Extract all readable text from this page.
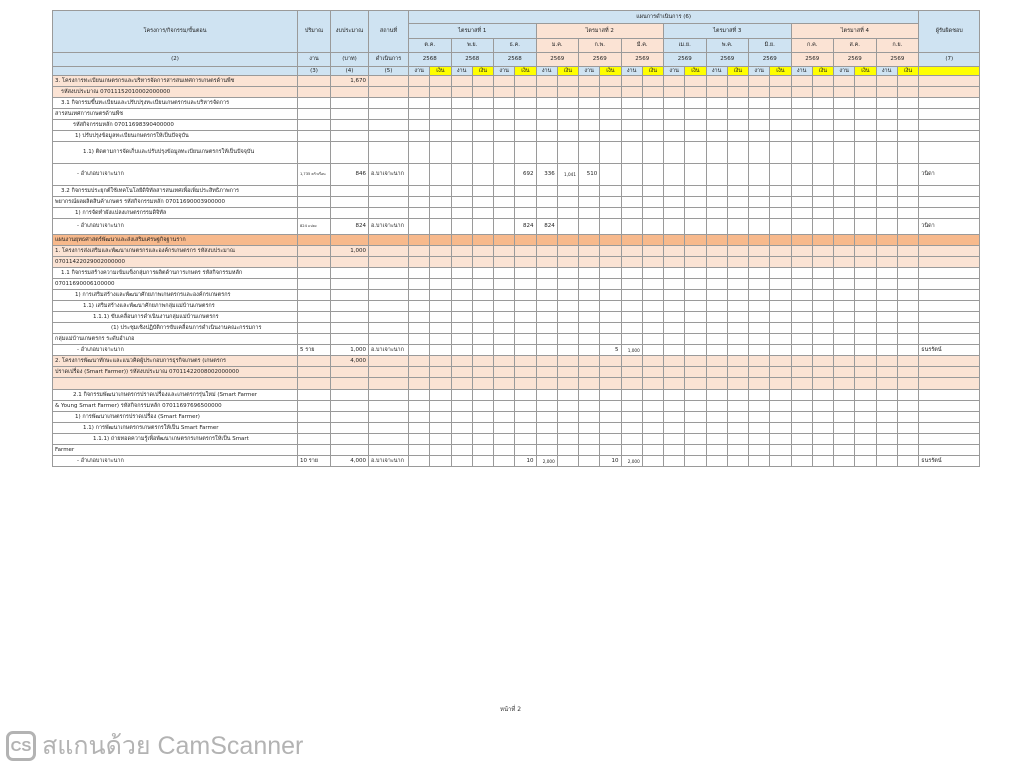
โครงการ/กิจกรรม/ขั้นตอน	ปริมาณ	งบประมาณ	สถานที่	แผนการดำเนินการ (6)																								ผู้รับผิดชอบ
				ไตรมาสที่ 1						ไตรมาสที่ 2						ไตรมาสที่ 3						ไตรมาสที่ 4						
				ต.ค.		พ.ย.		ธ.ค.		ม.ค.		ก.พ.		มี.ค.		เม.ย.		พ.ค.		มิ.ย.		ก.ค.		ส.ค.		ก.ย.		
(2)	งาน	(บาท)	ดำเนินการ	2568		2568		2568		2569		2569		2569		2569		2569		2569		2569		2569		2569		(7)
	(3)	(4)	(5)	งาน	เงิน	งาน	เงิน	งาน	เงิน	งาน	เงิน	งาน	เงิน	งาน	เงิน	งาน	เงิน	งาน	เงิน	งาน	เงิน	งาน	เงิน	งาน	เงิน	งาน	เงิน	
3. โครงการทะเบียนเกษตรกรและบริหารจัดการสารสนเทศการเกษตรด้านพืช		1,670																										
รหัสงบประมาณ 07011152010002000000																												
3.1 กิจกรรมขึ้นทะเบียนและปรับปรุงทะเบียนเกษตรกรและบริหารจัดการ																												
สารสนเทศการเกษตรด้านพืช																												
รหัสกิจกรรมหลัก 07011698390400000																												
1) ปรับปรุงข้อมูลทะเบียนเกษตรกรให้เป็นปัจจุบัน																												
1.1) ติดตามการจัดเก็บและปรับปรุงข้อมูลทะเบียนเกษตรกรให้เป็นปัจจุบัน																												
- อำเภอบาเจาะนาก	1,735 ครัวเรือน	846	อ.บาเจาะนาก						692	336	1,041	510																วนิดา
3.2 กิจกรรมประยุกต์ใช้เทคโนโลยีดิจิทัลสารสนเทศเพื่อเพิ่มประสิทธิภาพการ																												
พยากรณ์ผลผลิตสินค้าเกษตร รหัสกิจกรรมหลัก 07011690003900000																												
1) การจัดทำผังแปลงเกษตรกรรมดิจิทัล																												
- อำเภอบาเจาะนาก	824 แปลง	824	อ.บาเจาะนาก						824	824																		วนิดา
แผนงานยุทธศาสตร์พัฒนาและส่งเสริมเศรษฐกิจฐานราก																												
1. โครงการส่งเสริมและพัฒนาเกษตรกรและองค์กรเกษตรกร รหัสงบประมาณ		1,000																										
07011422029002000000																												
1.1 กิจกรรมสร้างความเข้มแข็งกลุ่มการผลิตด้านการเกษตร รหัสกิจกรรมหลัก																												
07011690006100000																												
1) การเสริมสร้างและพัฒนาศักยภาพเกษตรกรและองค์กรเกษตรกร																												
1.1) เสริมสร้างและพัฒนาศักยภาพกลุ่มแม่บ้านเกษตรกร																												
1.1.1) ขับเคลื่อนการดำเนินงานกลุ่มแม่บ้านเกษตรกร																												
(1) ประชุมเชิงปฏิบัติการขับเคลื่อนการดำเนินงานคณะกรรมการ																												
กลุ่มแม่บ้านเกษตรกร ระดับอำเภอ																												
- อำเภอบาเจาะนาก	5 ราย	1,000	อ.บาเจาะนาก										5	1,000														ธนรรัตน์
2. โครงการพัฒนาทักษะและแนวคิดผู้ประกอบการธุรกิจเกษตร (เกษตรกร		4,000																										
ปราดเปรื่อง (Smart Farmer)) รหัสงบประมาณ 07011422008002000000																												

2.1 กิจกรรมพัฒนาเกษตรกรปราดเปรื่องและเกษตรกรรุ่นใหม่ (Smart Farmer																												
& Young Smart Farmer) รหัสกิจกรรมหลัก 07011697696500000																												
1) การพัฒนาเกษตรกรปราดเปรื่อง (Smart Farmer)																												
1.1) การพัฒนาเกษตรกรเกษตรกรให้เป็น Smart Farmer																												
1.1.1) ถ่ายทอดความรู้เพื่อพัฒนาเกษตรกรเกษตรกรให้เป็น Smart																												
Farmer																												
- อำเภอบาเจาะนาก	10 ราย	4,000	อ.บาเจาะนาก						10	2,000			10	2,000														ธนรรัตน์
หน้าที่ 2
CS สแกนด้วย CamScanner
